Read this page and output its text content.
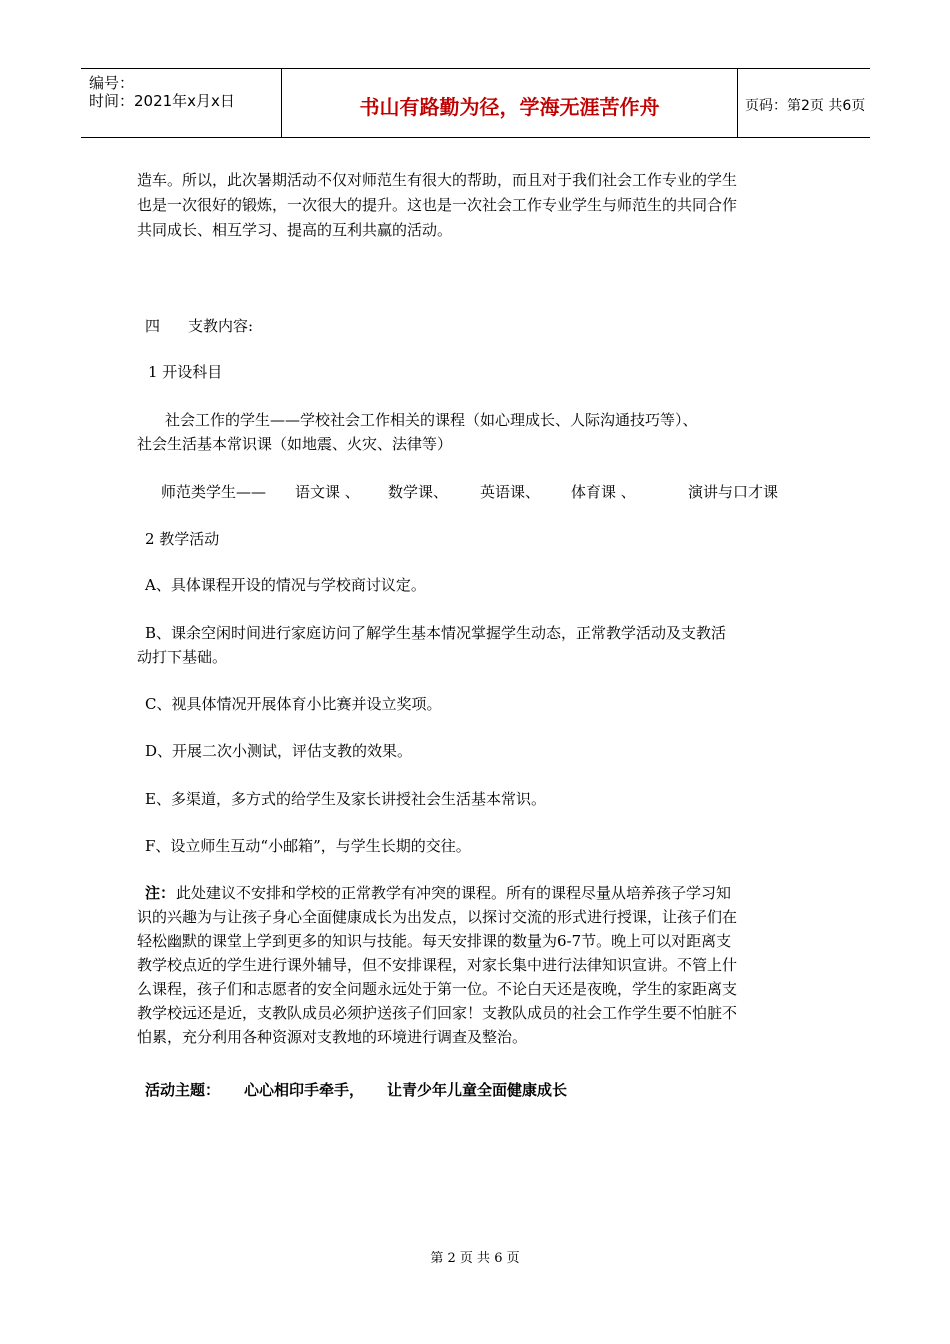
编号：
时间：2021年x月x日	书山有路勤为径，学海无涯苦作舟	页码：第2页 共6页
造车。所以，此次暑期活动不仅对师范生有很大的帮助，而且对于我们社会工作专业的学生
也是一次很好的锻炼，一次很大的提升。这也是一次社会工作专业学生与师范生的共同合作
共同成长、相互学习、提高的互利共赢的活动。
四 支教内容:
1 开设科目
社会工作的学生——学校社会工作相关的课程（如心理成长、人际沟通技巧等）、
社会生活基本常识课（如地震、火灾、法律等）
师范类学生—— 语文课 、 数学课、 英语课、 体育课 、	演讲与口才课
2 教学活动
A、具体课程开设的情况与学校商讨议定。
B、课余空闲时间进行家庭访问了解学生基本情况掌握学生动态，正常教学活动及支教活
动打下基础。
C、视具体情况开展体育小比赛并设立奖项。
D、开展二次小测试，评估支教的效果。
E、多渠道，多方式的给学生及家长讲授社会生活基本常识。
F、设立师生互动“小邮箱”，与学生长期的交往。
注： 此处建议不安排和学校的正常教学有冲突的课程。所有的课程尽量从培养孩子学习知
识的兴趣为与让孩子身心全面健康成长为出发点，以探讨交流的形式进行授课，让孩子们在
轻松幽默的课堂上学到更多的知识与技能。每天安排课的数量为6-7节。晚上可以对距离支
教学校点近的学生进行课外辅导，但不安排课程，对家长集中进行法律知识宣讲。不管上什
么课程，孩子们和志愿者的安全问题永远处于第一位。不论白天还是夜晚，学生的家距离支
教学校远还是近，支教队成员必须护送孩子们回家！支教队成员的社会工作学生要不怕脏不
怕累，充分利用各种资源对支教地的环境进行调查及整治。
活动主题： 心心相印手牵手， 让青少年儿童全面健康成长
第 2 页 共 6 页
